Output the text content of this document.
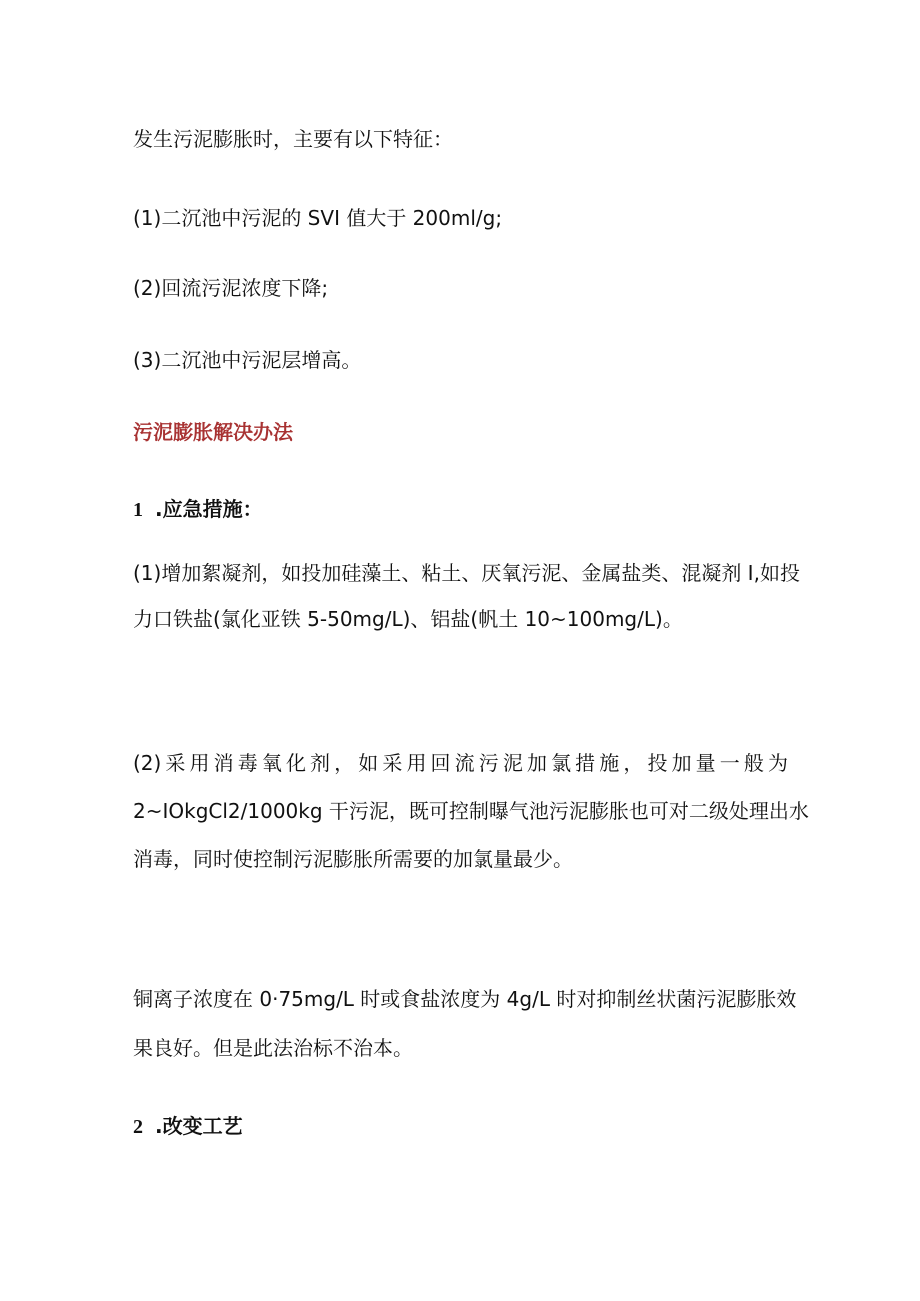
发生污泥膨胀时，主要有以下特征：
(1)二沉池中污泥的 SVI 值大于 200ml/g;
(2)回流污泥浓度下降;
(3)二沉池中污泥层增高。
污泥膨胀解决办法
1 .应急措施：
(1)增加絮凝剂，如投加硅藻土、粘土、厌氧污泥、金属盐类、混凝剂 I,如投
力口铁盐(氯化亚铁 5-50mg/L)、铝盐(帆土 10~100mg/L)。
(2)采用消毒氧化剂，如采用回流污泥加氯措施，投加量一般为
2~IOkgCl2/1000kg 干污泥，既可控制曝气池污泥膨胀也可对二级处理出水
消毒，同时使控制污泥膨胀所需要的加氯量最少。
铜离子浓度在 0·75mg/L 时或食盐浓度为 4g/L 时对抑制丝状菌污泥膨胀效
果良好。但是此法治标不治本。
2 .改变工艺
